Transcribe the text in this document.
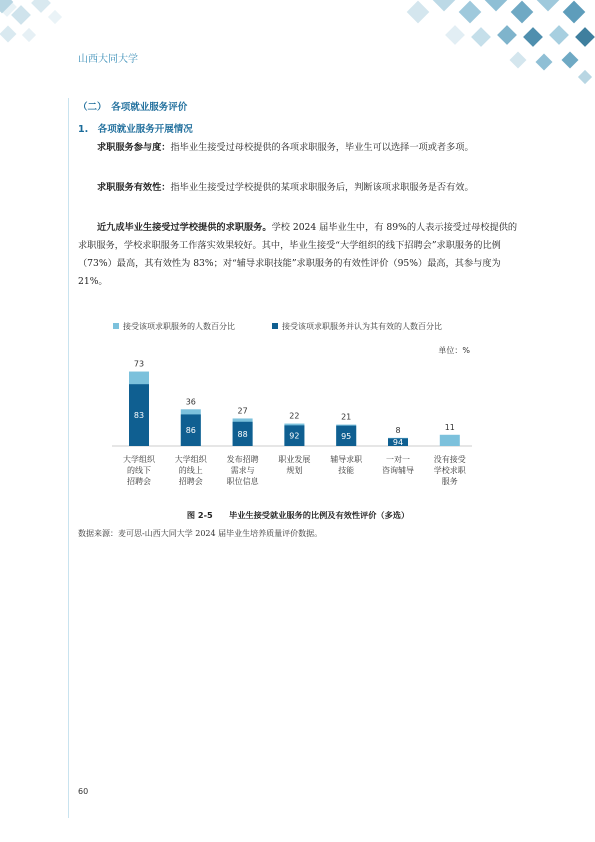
山西大同大学
（二）　各项就业服务评价
1.　各项就业服务开展情况

求职服务参与度：指毕业生接受过母校提供的各项求职服务，毕业生可以选择一项或者多项。

求职服务有效性：指毕业生接受过学校提供的某项求职服务后，判断该项求职服务是否有效。

近九成毕业生接受过学校提供的求职服务。学校 2024 届毕业生中，有 89%的人表示接受过母校提供的求职服务，学校求职服务工作落实效果较好。其中，毕业生接受“大学组织的线下招聘会”求职服务的比例（73%）最高，其有效性为 83%；对“辅导求职技能”求职服务的有效性评价（95%）最高，其参与度为 21%。

接受该项求职服务的人数百分比	接受该项求职服务并认为其有效的人数百分比
单位：%
83
73
大学组织
的线下
招聘会
86
36
大学组织
的线上
招聘会
88
27
发布招聘
需求与
职位信息
92
22
职业发展
规划
95
21
辅导求职
技能
94
8
一对一
咨询辅导
11
没有接受
学校求职
服务
图 2-5　　毕业生接受就业服务的比例及有效性评价（多选）
数据来源：麦可思-山西大同大学 2024 届毕业生培养质量评价数据。
60
